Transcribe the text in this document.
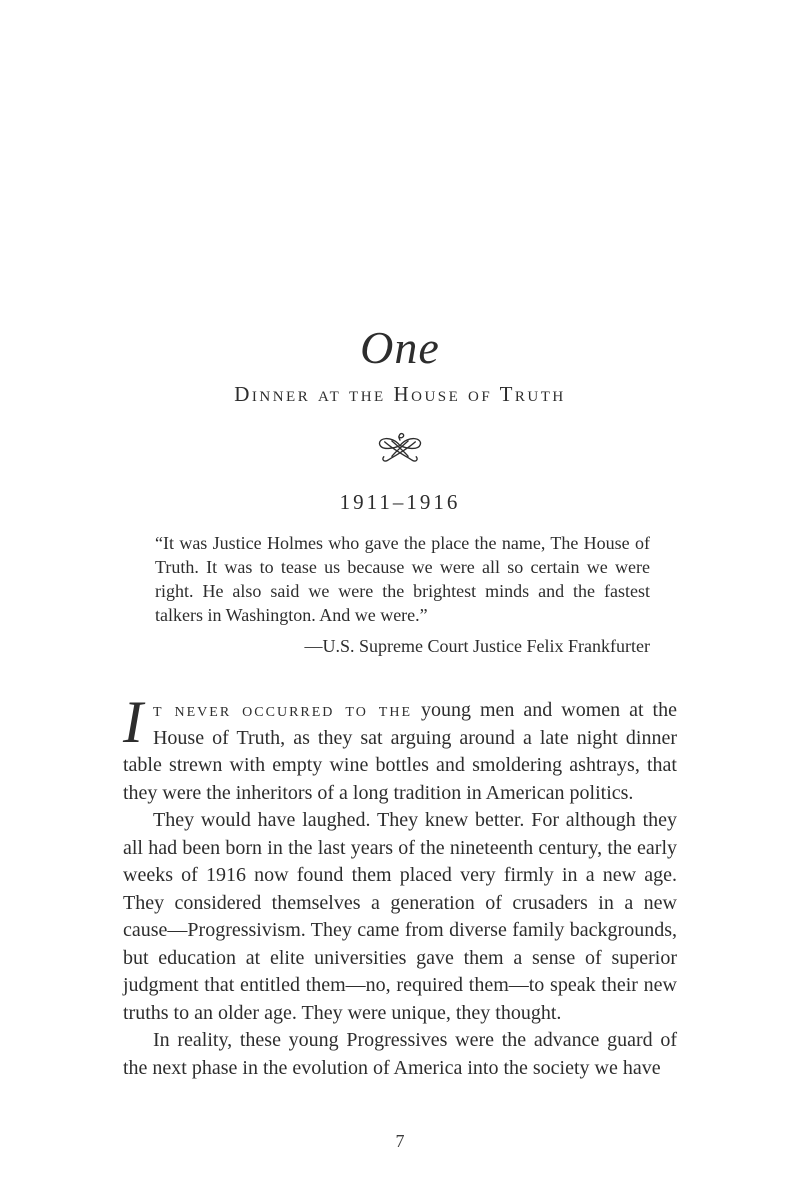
One
Dinner at the House of Truth
1911–1916

“It was Justice Holmes who gave the place the name, The House of Truth. It was to tease us because we were all so certain we were right. He also said we were the brightest minds and the fastest talkers in Washington. And we were.”

—U.S. Supreme Court Justice Felix Frankfurter

It never occurred to the young men and women at the House of Truth, as they sat arguing around a late night dinner table strewn with empty wine bottles and smoldering ashtrays, that they were the inheritors of a long tradition in American politics.

They would have laughed. They knew better. For although they all had been born in the last years of the nineteenth century, the early weeks of 1916 now found them placed very firmly in a new age. They considered themselves a generation of crusaders in a new cause—Progressivism. They came from diverse family backgrounds, but education at elite universities gave them a sense of superior judgment that entitled them—no, required them—to speak their new truths to an older age. They were unique, they thought.

In reality, these young Progressives were the advance guard of the next phase in the evolution of America into the society we have

7
